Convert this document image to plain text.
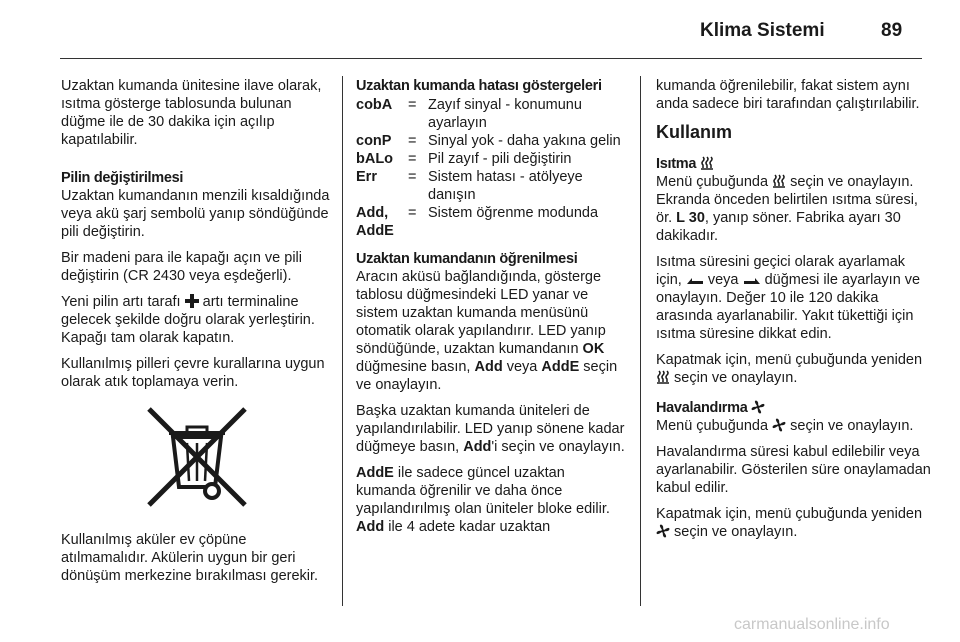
Klima Sistemi	89

Uzaktan kumanda ünitesine ilave olarak, ısıtma gösterge tablosunda bulunan düğme ile de 30 dakika için açılıp kapatılabilir.

Pilin değiştirilmesi

Uzaktan kumandanın menzili kısaldığında veya akü şarj sembolü yanıp söndüğünde pili değiştirin.

Bir madeni para ile kapağı açın ve pili değiştirin (CR 2430 veya eşdeğerli).

Yeni pilin artı tarafı artı terminaline gelecek şekilde doğru olarak yerleştirin. Kapağı tam olarak kapatın.

Kullanılmış pilleri çevre kurallarına uygun olarak atık toplamaya verin.

Kullanılmış aküler ev çöpüne atılmamalıdır. Akülerin uygun bir geri dönüşüm merkezine bırakılması gerekir.

Uzaktan kumanda hatası göstergeleri
cobA	=	Zayıf sinyal - konumunu ayarlayın
conP	=	Sinyal yok - daha yakına gelin
bALo	=	Pil zayıf - pili değiştirin
Err	=	Sistem hatası - atölyeye danışın
Add, AddE	=	Sistem öğrenme modunda
Uzaktan kumandanın öğrenilmesi

Aracın aküsü bağlandığında, gösterge tablosu düğmesindeki LED yanar ve sistem uzaktan kumanda menüsünü otomatik olarak yapılandırır. LED yanıp söndüğünde, uzaktan kumandanın OK düğmesine basın, Add veya AddE seçin ve onaylayın.

Başka uzaktan kumanda üniteleri de yapılandırılabilir. LED yanıp sönene kadar düğmeye basın, Add'i seçin ve onaylayın.

AddE ile sadece güncel uzaktan kumanda öğrenilir ve daha önce yapılandırılmış olan üniteler bloke edilir. Add ile 4 adete kadar uzaktan

kumanda öğrenilebilir, fakat sistem aynı anda sadece biri tarafından çalıştırılabilir.

Kullanım
Isıtma

Menü çubuğunda seçin ve onaylayın. Ekranda önceden belirtilen ısıtma süresi, ör. L 30, yanıp söner. Fabrika ayarı 30 dakikadır.

Isıtma süresini geçici olarak ayarlamak için, veya düğmesi ile ayarlayın ve onaylayın. Değer 10 ile 120 dakika arasında ayarlanabilir. Yakıt tükettiği için ısıtma süresine dikkat edin.

Kapatmak için, menü çubuğunda yeniden  seçin ve onaylayın.

Havalandırma

Menü çubuğunda seçin ve onaylayın.

Havalandırma süresi kabul edilebilir veya ayarlanabilir. Gösterilen süre onaylamadan kabul edilir.

Kapatmak için, menü çubuğunda yeniden  seçin ve onaylayın.

carmanualsonline.info
